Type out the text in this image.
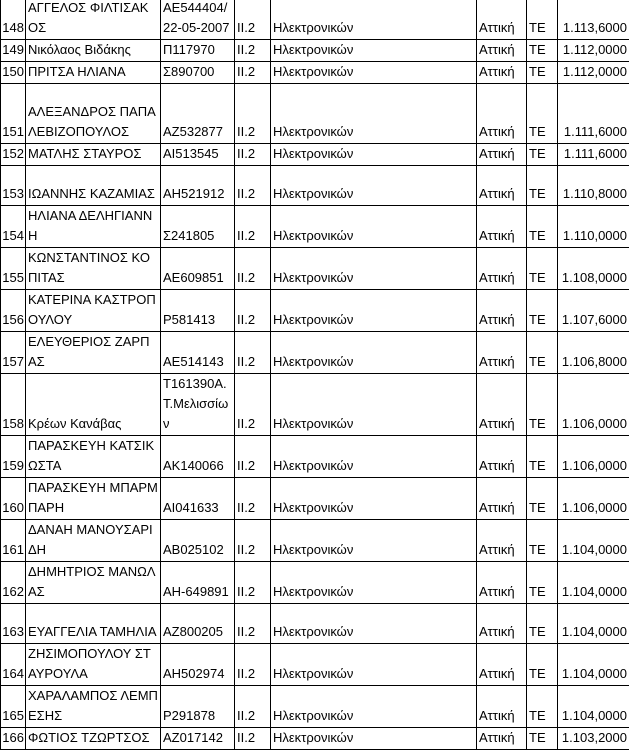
148	ΑΓΓΕΛΟΣ ΦΙΛΤΙΣΑΚΟΣ	ΑΕ544404/ 22-05-2007	ΙΙ.2	Ηλεκτρονικών	Αττική	ΤΕ	1.113,6000
149	Νικόλαος Βιδάκης	Π117970	ΙΙ.2	Ηλεκτρονικών	Αττική	ΤΕ	1.112,0000
150	ΠΡΙΤΣΑ ΗΛΙΑΝΑ	Σ890700	ΙΙ.2	Ηλεκτρονικών	Αττική	ΤΕ	1.112,0000
151	ΑΛΕΞΑΝΔΡΟΣ ΠΑΠΑΛΕΒΙΖΟΠΟΥΛΟΣ	ΑΖ532877	ΙΙ.2	Ηλεκτρονικών	Αττική	ΤΕ	1.111,6000
152	ΜΑΤΛΗΣ ΣΤΑΥΡΟΣ	ΑΙ513545	ΙΙ.2	Ηλεκτρονικών	Αττική	ΤΕ	1.111,6000
153	ΙΩΑΝΝΗΣ ΚΑΖΑΜΙΑΣ	ΑΗ521912	ΙΙ.2	Ηλεκτρονικών	Αττική	ΤΕ	1.110,8000
154	ΗΛΙΑΝΑ ΔΕΛΗΓΙΑΝΝΗ	Σ241805	ΙΙ.2	Ηλεκτρονικών	Αττική	ΤΕ	1.110,0000
155	ΚΩΝΣΤΑΝΤΙΝΟΣ ΚΟΠΙΤΑΣ	ΑΕ609851	ΙΙ.2	Ηλεκτρονικών	Αττική	ΤΕ	1.108,0000
156	ΚΑΤΕΡΙΝΑ ΚΑΣΤΡΟΠΟΥΛΟΥ	Ρ581413	ΙΙ.2	Ηλεκτρονικών	Αττική	ΤΕ	1.107,6000
157	ΕΛΕΥΘΕΡΙΟΣ ΖΑΡΠΑΣ	ΑΕ514143	ΙΙ.2	Ηλεκτρονικών	Αττική	ΤΕ	1.106,8000
158	Κρέων Κανάβας	Τ161390Α.Τ.Μελισσίων	ΙΙ.2	Ηλεκτρονικών	Αττική	ΤΕ	1.106,0000
159	ΠΑΡΑΣΚΕΥΗ ΚΑΤΣΙΚΩΣΤΑ	ΑΚ140066	ΙΙ.2	Ηλεκτρονικών	Αττική	ΤΕ	1.106,0000
160	ΠΑΡΑΣΚΕΥΗ ΜΠΑΡΜΠΑΡΗ	ΑΙ041633	ΙΙ.2	Ηλεκτρονικών	Αττική	ΤΕ	1.106,0000
161	ΔΑΝΑΗ ΜΑΝΟΥΣΑΡΙΔΗ	ΑΒ025102	ΙΙ.2	Ηλεκτρονικών	Αττική	ΤΕ	1.104,0000
162	ΔΗΜΗΤΡΙΟΣ ΜΑΝΩΛΑΣ	ΑΗ-649891	ΙΙ.2	Ηλεκτρονικών	Αττική	ΤΕ	1.104,0000
163	ΕΥΑΓΓΕΛΙΑ ΤΑΜΗΛΙΑ	ΑΖ800205	ΙΙ.2	Ηλεκτρονικών	Αττική	ΤΕ	1.104,0000
164	ΖΗΣΙΜΟΠΟΥΛΟΥ ΣΤΑΥΡΟΥΛΑ	ΑΗ502974	ΙΙ.2	Ηλεκτρονικών	Αττική	ΤΕ	1.104,0000
165	ΧΑΡΑΛΑΜΠΟΣ ΛΕΜΠΕΣΗΣ	Ρ291878	ΙΙ.2	Ηλεκτρονικών	Αττική	ΤΕ	1.104,0000
166	ΦΩΤΙΟΣ ΤΖΩΡΤΣΟΣ	ΑΖ017142	ΙΙ.2	Ηλεκτρονικών	Αττική	ΤΕ	1.103,2000
